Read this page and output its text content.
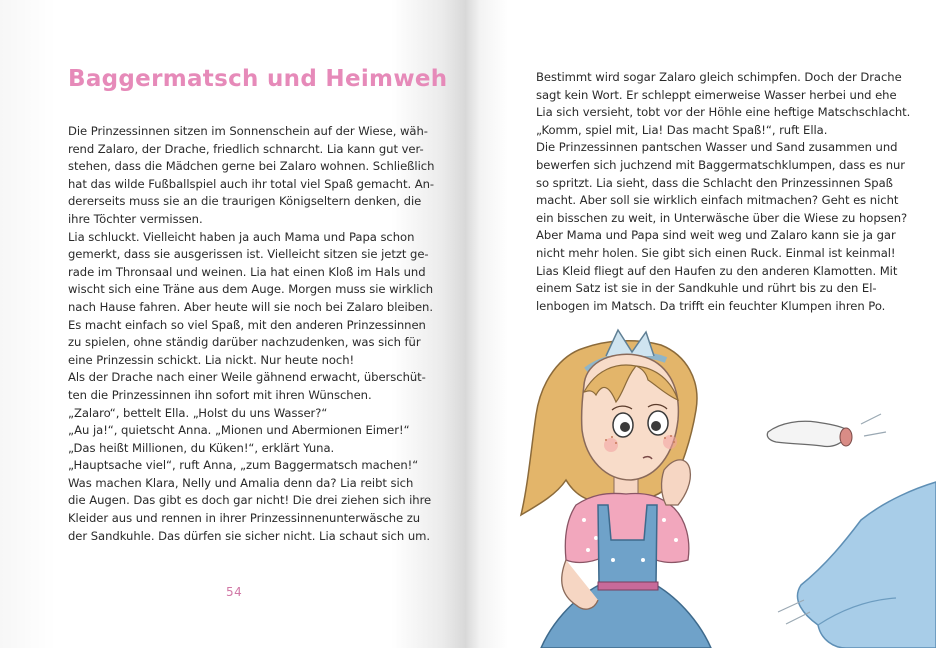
Baggermatsch und Heimweh
Die Prinzessinnen sitzen im Sonnenschein auf der Wiese, wäh-
rend Zalaro, der Drache, friedlich schnarcht. Lia kann gut ver-
stehen, dass die Mädchen gerne bei Zalaro wohnen. Schließlich
hat das wilde Fußballspiel auch ihr total viel Spaß gemacht. An-
dererseits muss sie an die traurigen Königseltern denken, die
ihre Töchter vermissen.
Lia schluckt. Vielleicht haben ja auch Mama und Papa schon
gemerkt, dass sie ausgerissen ist. Vielleicht sitzen sie jetzt ge-
rade im Thronsaal und weinen. Lia hat einen Kloß im Hals und
wischt sich eine Träne aus dem Auge. Morgen muss sie wirklich
nach Hause fahren. Aber heute will sie noch bei Zalaro bleiben.
Es macht einfach so viel Spaß, mit den anderen Prinzessinnen
zu spielen, ohne ständig darüber nachzudenken, was sich für
eine Prinzessin schickt. Lia nickt. Nur heute noch!
Als der Drache nach einer Weile gähnend erwacht, überschüt-
ten die Prinzessinnen ihn sofort mit ihren Wünschen.
„Zalaro“, bettelt Ella. „Holst du uns Wasser?“
„Au ja!“, quietscht Anna. „Mionen und Abermionen Eimer!“
„Das heißt Millionen, du Küken!“, erklärt Yuna.
„Hauptsache viel“, ruft Anna, „zum Baggermatsch machen!“
Was machen Klara, Nelly und Amalia denn da? Lia reibt sich
die Augen. Das gibt es doch gar nicht! Die drei ziehen sich ihre
Kleider aus und rennen in ihrer Prinzessinnenunterwäsche zu
der Sandkuhle. Das dürfen sie sicher nicht. Lia schaut sich um.
54
Bestimmt wird sogar Zalaro gleich schimpfen. Doch der Drache
sagt kein Wort. Er schleppt eimerweise Wasser herbei und ehe
Lia sich versieht, tobt vor der Höhle eine heftige Matschschlacht.
„Komm, spiel mit, Lia! Das macht Spaß!“, ruft Ella.
Die Prinzessinnen pantschen Wasser und Sand zusammen und
bewerfen sich juchzend mit Baggermatschklumpen, dass es nur
so spritzt. Lia sieht, dass die Schlacht den Prinzessinnen Spaß
macht. Aber soll sie wirklich einfach mitmachen? Geht es nicht
ein bisschen zu weit, in Unterwäsche über die Wiese zu hopsen?
Aber Mama und Papa sind weit weg und Zalaro kann sie ja gar
nicht mehr holen. Sie gibt sich einen Ruck. Einmal ist keinmal!
Lias Kleid fliegt auf den Haufen zu den anderen Klamotten. Mit
einem Satz ist sie in der Sandkuhle und rührt bis zu den El-
lenbogen im Matsch. Da trifft ein feuchter Klumpen ihren Po.
